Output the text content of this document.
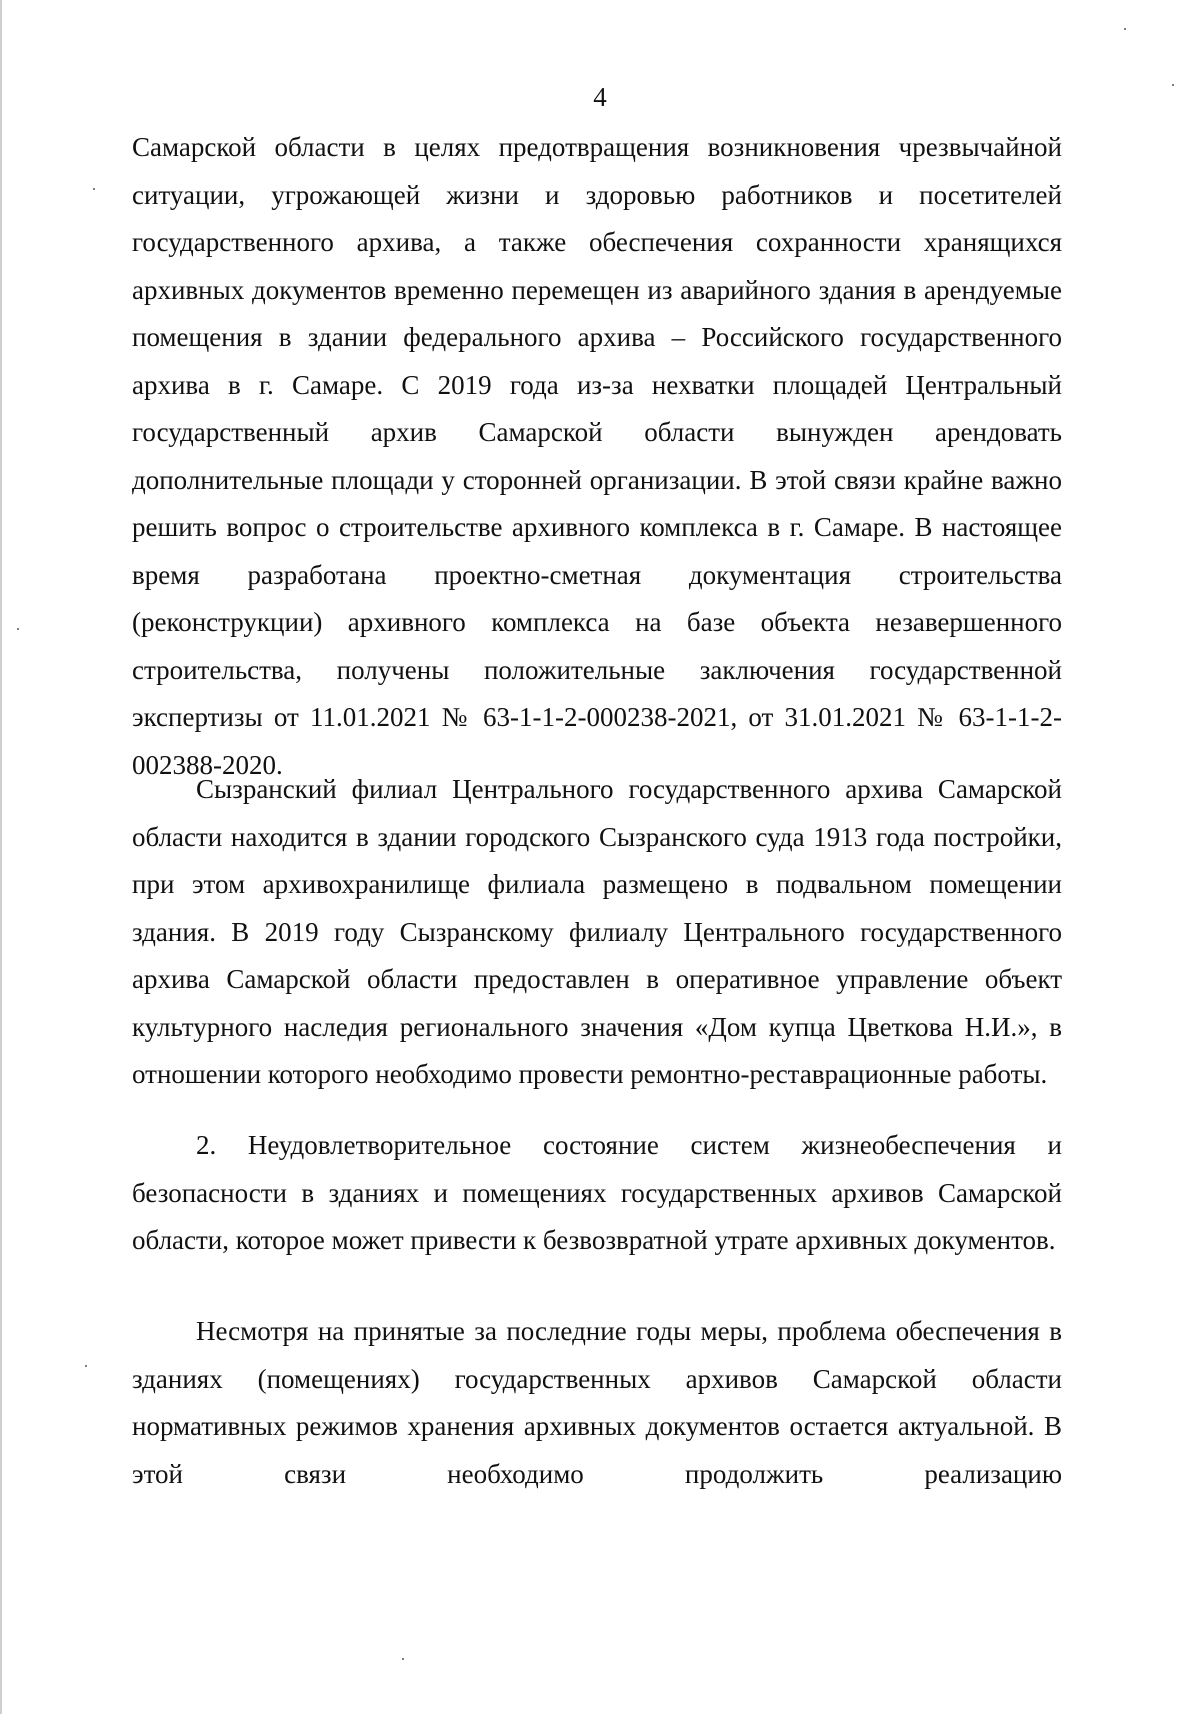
4

Самарской области в целях предотвращения возникновения чрезвычайной ситуации, угрожающей жизни и здоровью работников и посетителей государственного архива, а также обеспечения сохранности хранящихся архивных документов временно перемещен из аварийного здания в арендуемые помещения в здании федерального архива – Российского государственного архива в г. Самаре. С 2019 года из-за нехватки площадей Центральный государственный архив Самарской области вынужден арендовать дополнительные площади у сторонней организации. В этой связи крайне важно решить вопрос о строительстве архивного комплекса в г. Самаре. В настоящее время разработана проектно-сметная документация строительства (реконструкции) архивного комплекса на базе объекта незавершенного строительства, получены положительные заключения государственной экспертизы от 11.01.2021 № 63-1-1-2-000238-2021, от 31.01.2021 № 63-1-1-2-002388-2020.

Сызранский филиал Центрального государственного архива Самарской области находится в здании городского Сызранского суда 1913 года постройки, при этом архивохранилище филиала размещено в подвальном помещении здания. В 2019 году Сызранскому филиалу Центрального государственного архива Самарской области предоставлен в оперативное управление объект культурного наследия регионального значения «Дом купца Цветкова Н.И.», в отношении которого необходимо провести ремонтно-реставрационные работы.

2. Неудовлетворительное состояние систем жизнеобеспечения и безопасности в зданиях и помещениях государственных архивов Самарской области, которое может привести к безвозвратной утрате архивных документов.

Несмотря на принятые за последние годы меры, проблема обеспечения в зданиях (помещениях) государственных архивов Самарской области нормативных режимов хранения архивных документов остается актуальной. В этой связи необходимо продолжить реализацию
